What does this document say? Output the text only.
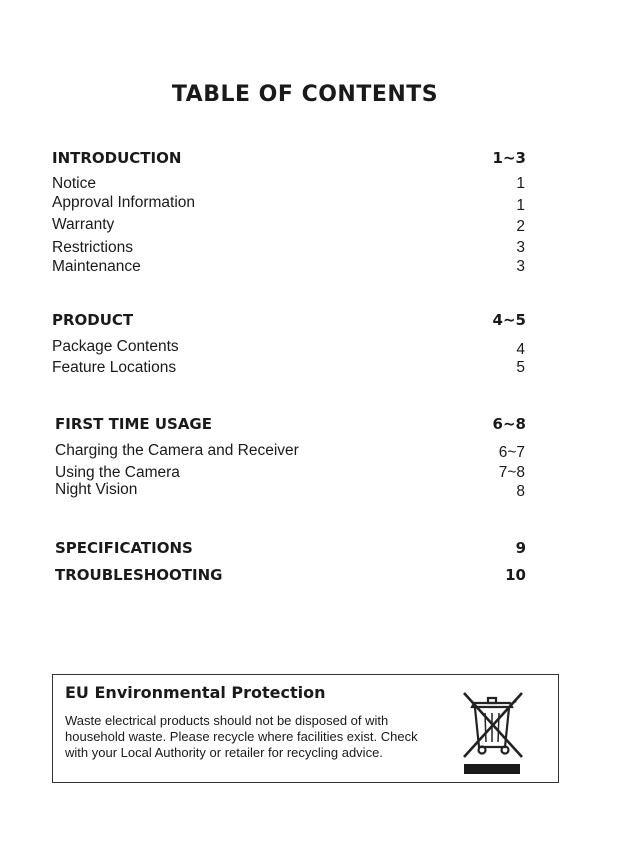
TABLE OF CONTENTS
INTRODUCTION	1~3
Notice	1
Approval Information	1
Warranty	2
Restrictions	3
Maintenance	3
PRODUCT	4~5
Package Contents	4
Feature Locations	5
FIRST TIME USAGE	6~8
Charging the Camera and Receiver	6~7
Using the Camera	7~8
Night Vision	8
SPECIFICATIONS	9
TROUBLESHOOTING	10
EU Environmental Protection
Waste electrical products should not be disposed of with household waste. Please recycle where facilities exist. Check with your Local Authority or retailer for recycling advice.
